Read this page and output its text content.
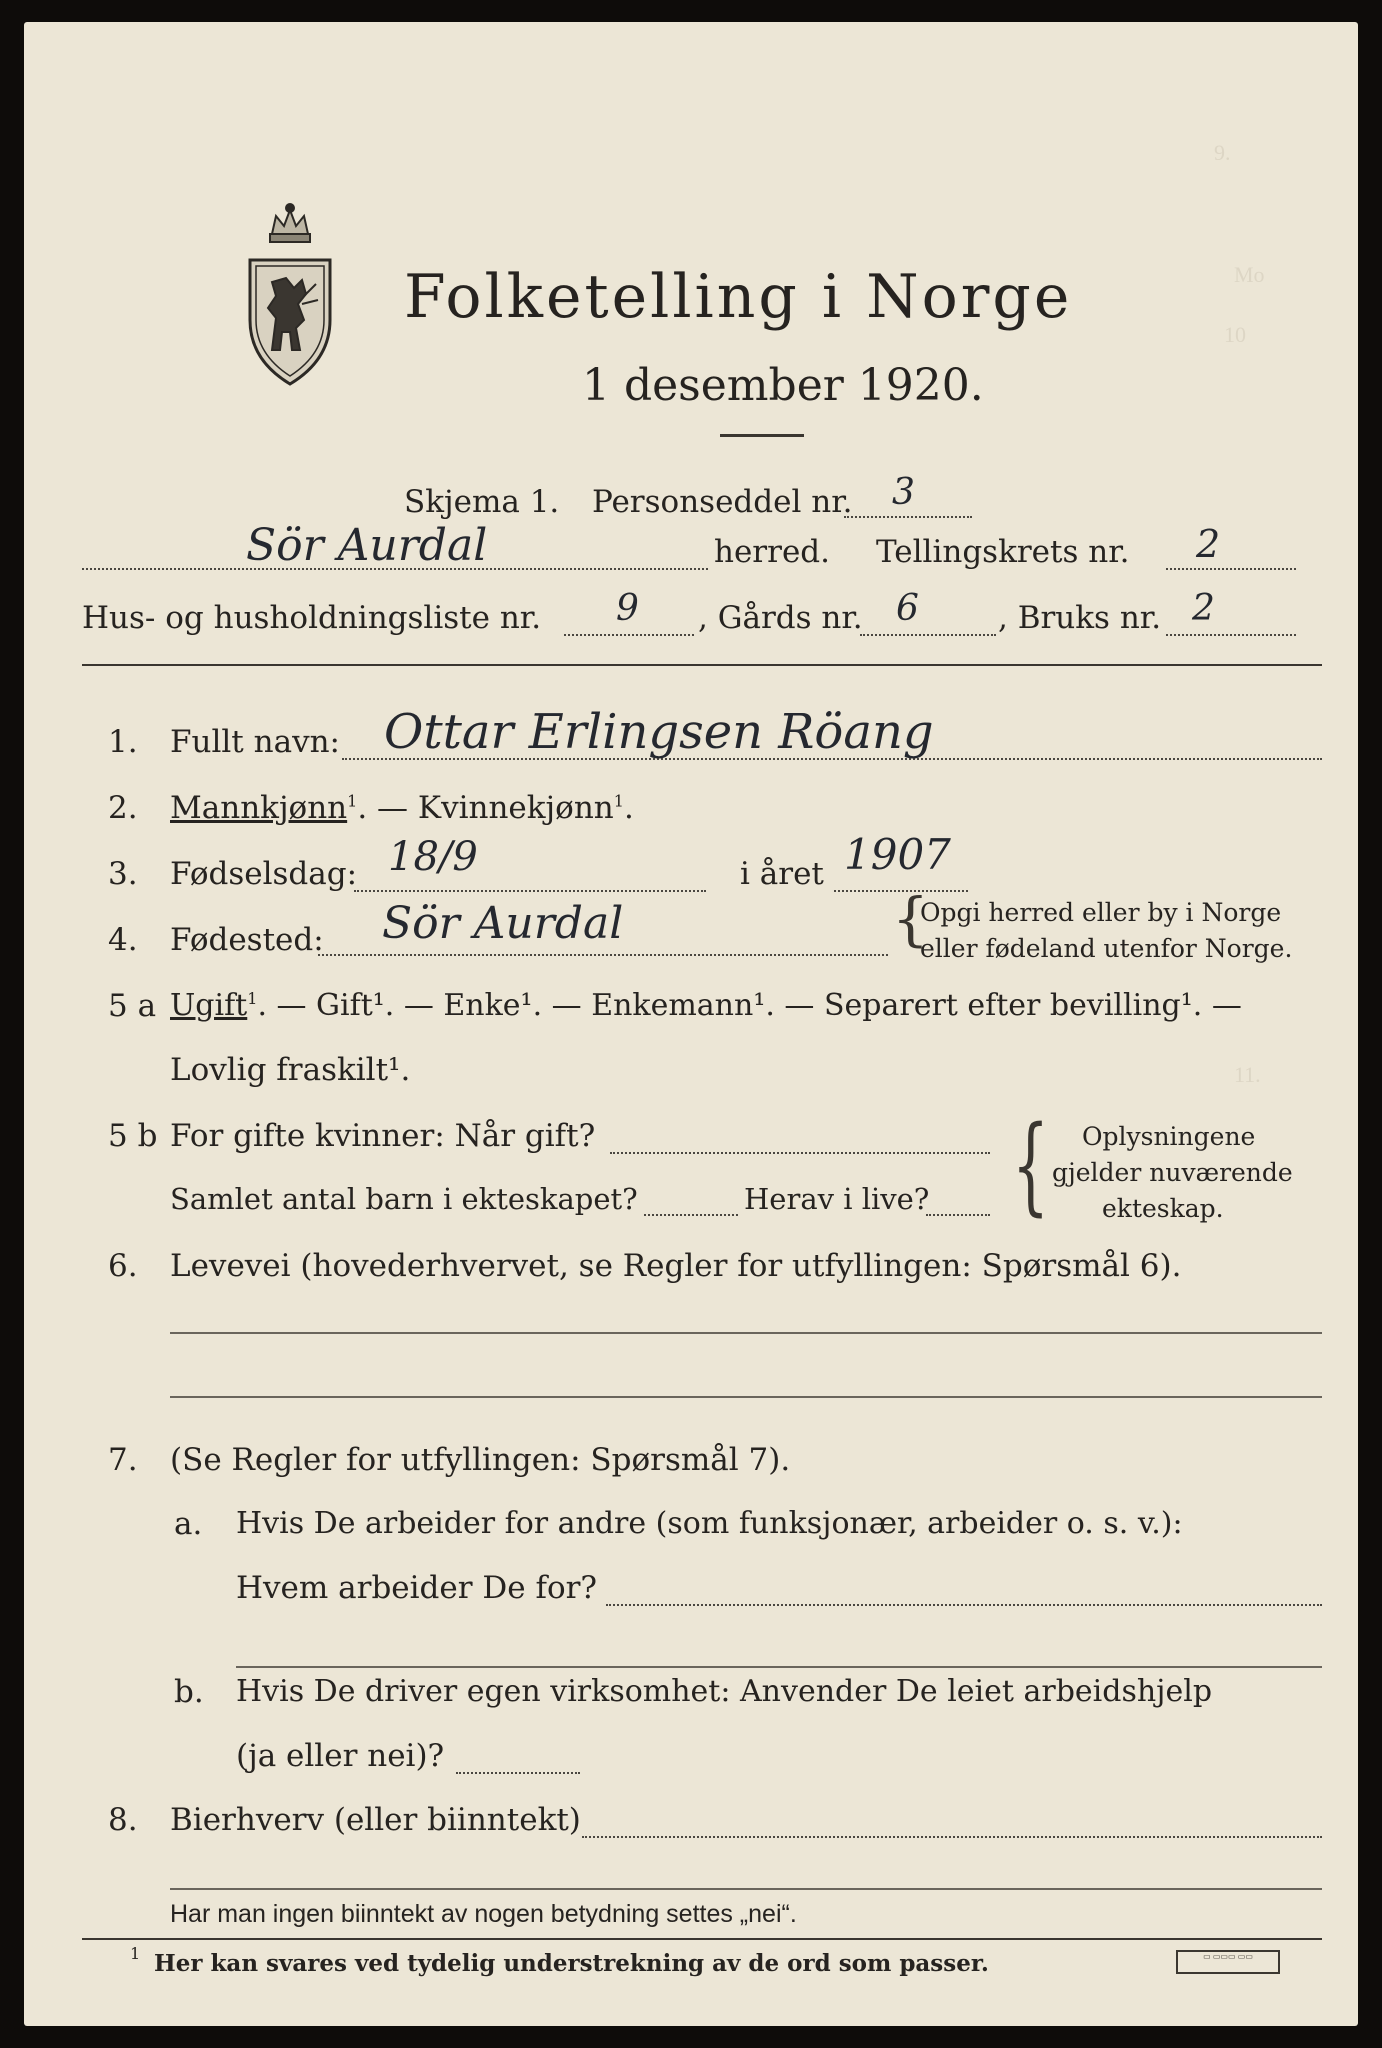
9.
Mo
10
11.
Folketelling i Norge
1 desember 1920.
Skjema 1. Personseddel nr. 3
Sör Aurdal	herred. Tellingskrets nr. 2
Hus- og husholdningsliste nr. 9 , Gårds nr. 6	, Bruks nr. 2
1. Fullt navn: Ottar Erlingsen Röang
2. Mannkjønn$^1$. — Kvinnekjønn$^1$.
3. Fødselsdag: 18/9	i året 1907
4. Fødested: Sör Aurdal	{
Opgi herred eller by i Norge
eller fødeland utenfor Norge.
5 a Ugift$^1$. — Gift¹. — Enke¹. — Enkemann¹. — Separert efter bevilling¹. —
Lovlig fraskilt¹.
5 b For gifte kvinner: Når gift?
Samlet antal barn i ekteskapet?	Herav i live? { Oplysningene
gjelder nuværende
ekteskap.
6. Levevei (hovederhvervet, se Regler for utfyllingen: Spørsmål 6).
7. (Se Regler for utfyllingen: Spørsmål 7).
a. Hvis De arbeider for andre (som funksjonær, arbeider o. s. v.):
Hvem arbeider De for?
b. Hvis De driver egen virksomhet: Anvender De leiet arbeidshjelp
(ja eller nei)?
8. Bierhverv (eller biinntekt)
Har man ingen biinntekt av nogen betydning settes „nei“.
1 Her kan svares ved tydelig understrekning av de ord som passer.	▭ ▭▭▭ ▭▭
